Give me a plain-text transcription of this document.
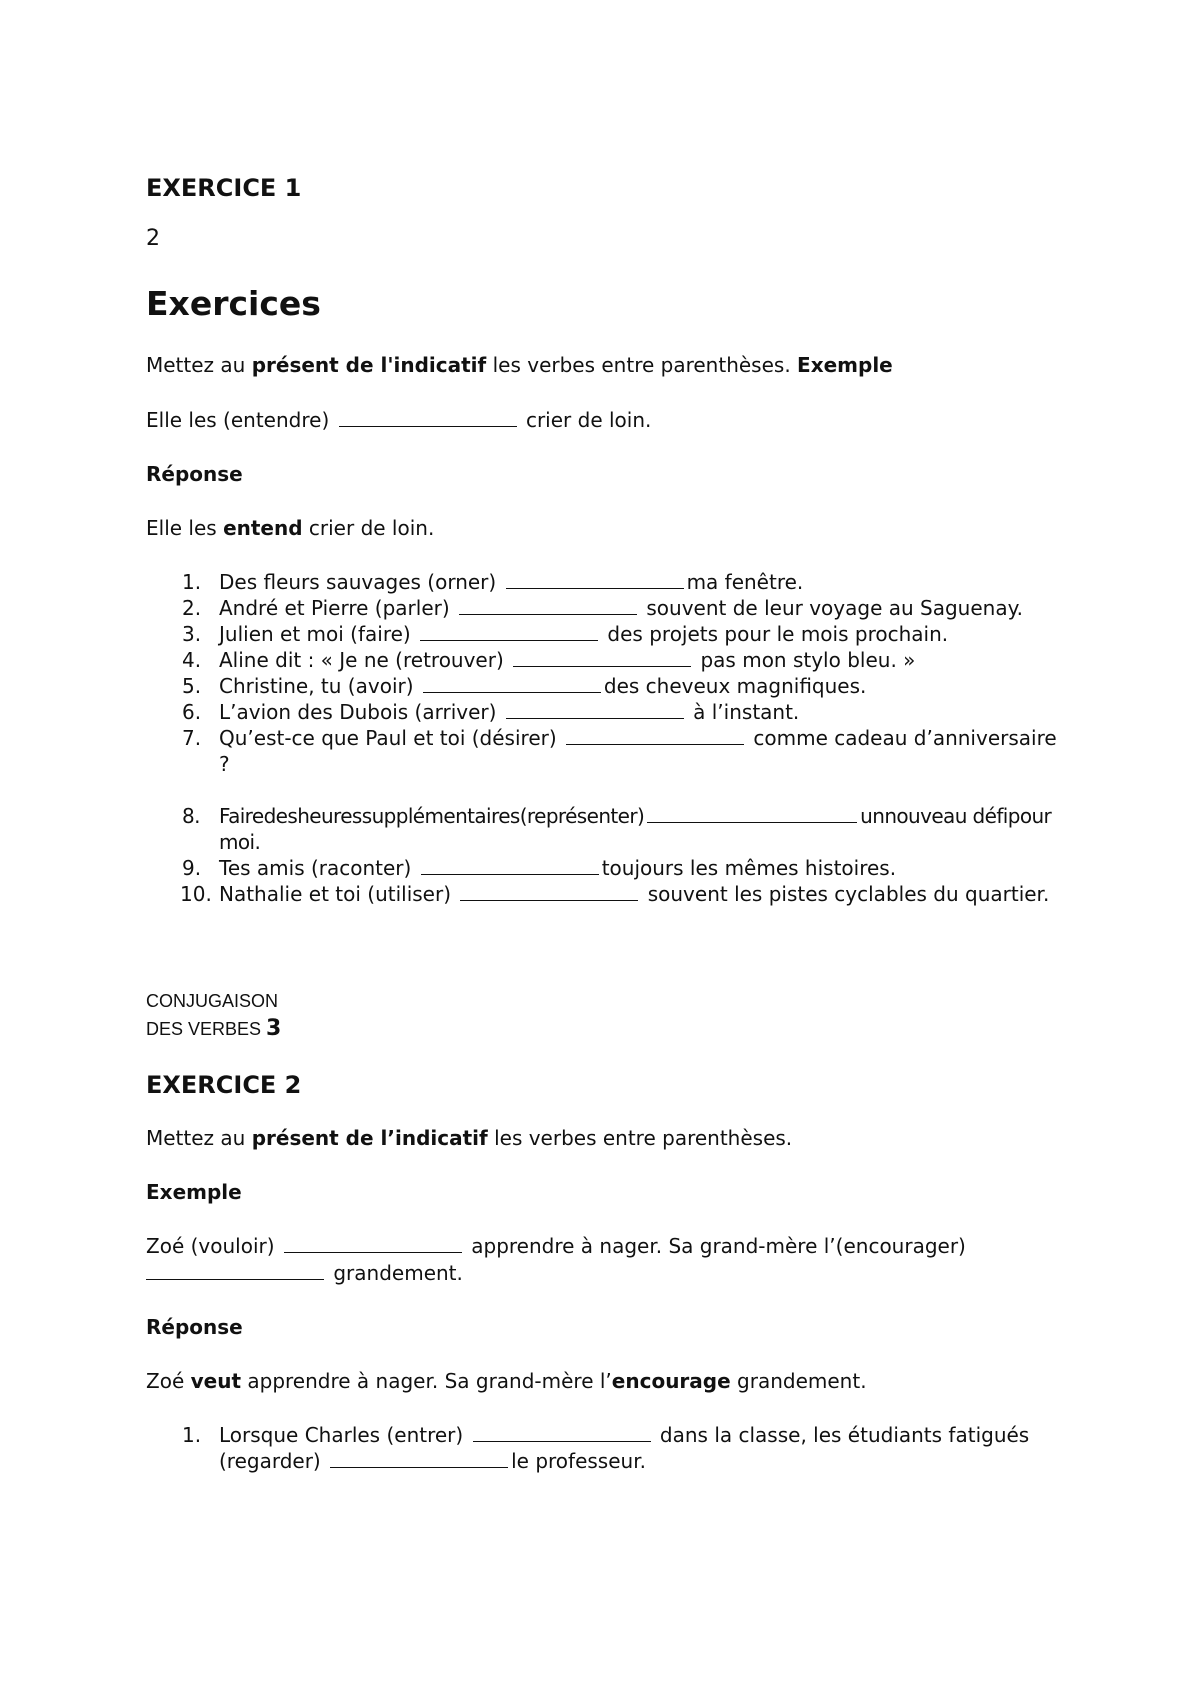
EXERCICE 1

2

Exercices

Mettez au présent de l'indicatif les verbes entre parenthèses. Exemple

Elle les (entendre)	crier de loin.

Réponse

Elle les entend crier de loin.

1. Des fleurs sauvages (orner)	ma fenêtre.
2. André et Pierre (parler)	souvent de leur voyage au Saguenay.
3. Julien et moi (faire)	des projets pour le mois prochain.
4. Aline dit : « Je ne (retrouver)	pas mon stylo bleu. »
5. Christine, tu (avoir)	des cheveux magnifiques.
6. L’avion des Dubois (arriver)	à l’instant.
7. Qu’est-ce que Paul et toi (désirer)	comme cadeau d’anniversaire ?
8. Fairedesheuressupplémentaires(représenter)	unnouveau défipour moi.
9. Tes amis (raconter)	toujours les mêmes histoires.
10. Nathalie et toi (utiliser)	souvent les pistes cyclables du quartier.

CONJUGAISON

DES VERBES 3

EXERCICE 2

Mettez au présent de l’indicatif les verbes entre parenthèses.

Exemple

Zoé (vouloir)	apprendre à nager. Sa grand-mère l’(encourager)
grandement.

Réponse

Zoé veut apprendre à nager. Sa grand-mère l’encourage grandement.

1. Lorsque Charles (entrer)	dans la classe, les étudiants fatigués (regarder)	le professeur.
